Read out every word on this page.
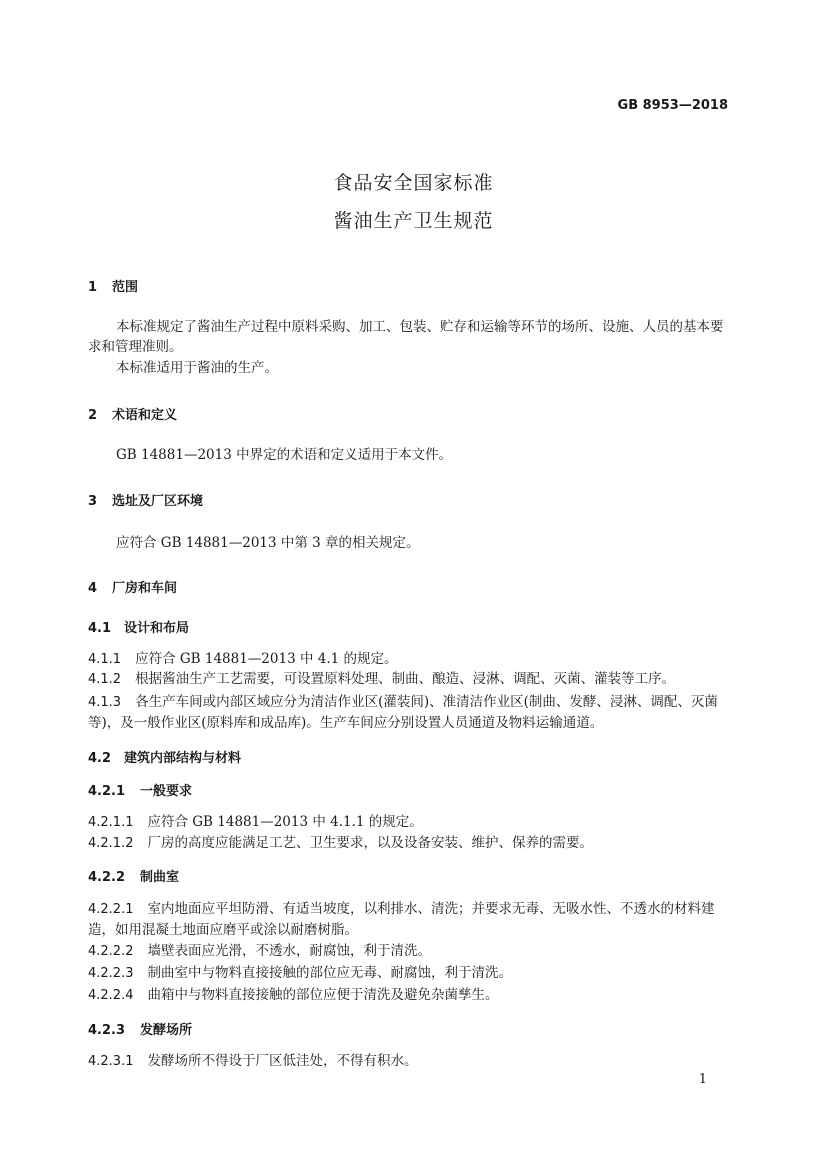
GB 8953—2018
食品安全国家标准
酱油生产卫生规范
1 范围
本标准规定了酱油生产过程中原料采购、加工、包装、贮存和运输等环节的场所、设施、人员的基本要求和管理准则。
本标准适用于酱油的生产。
2 术语和定义
GB 14881—2013 中界定的术语和定义适用于本文件。
3 选址及厂区环境
应符合 GB 14881—2013 中第 3 章的相关规定。
4 厂房和车间
4.1 设计和布局
4.1.1 应符合 GB 14881—2013 中 4.1 的规定。
4.1.2 根据酱油生产工艺需要，可设置原料处理、制曲、酿造、浸淋、调配、灭菌、灌装等工序。
4.1.3 各生产车间或内部区域应分为清洁作业区(灌装间)、准清洁作业区(制曲、发酵、浸淋、调配、灭菌等)，及一般作业区(原料库和成品库)。生产车间应分别设置人员通道及物料运输通道。
4.2 建筑内部结构与材料
4.2.1 一般要求
4.2.1.1 应符合 GB 14881—2013 中 4.1.1 的规定。
4.2.1.2 厂房的高度应能满足工艺、卫生要求，以及设备安装、维护、保养的需要。
4.2.2 制曲室
4.2.2.1 室内地面应平坦防滑、有适当坡度，以利排水、清洗；并要求无毒、无吸水性、不透水的材料建造，如用混凝土地面应磨平或涂以耐磨树脂。
4.2.2.2 墙壁表面应光滑，不透水，耐腐蚀，利于清洗。
4.2.2.3 制曲室中与物料直接接触的部位应无毒、耐腐蚀，利于清洗。
4.2.2.4 曲箱中与物料直接接触的部位应便于清洗及避免杂菌孳生。
4.2.3 发酵场所
4.2.3.1 发酵场所不得设于厂区低洼处，不得有积水。
1
